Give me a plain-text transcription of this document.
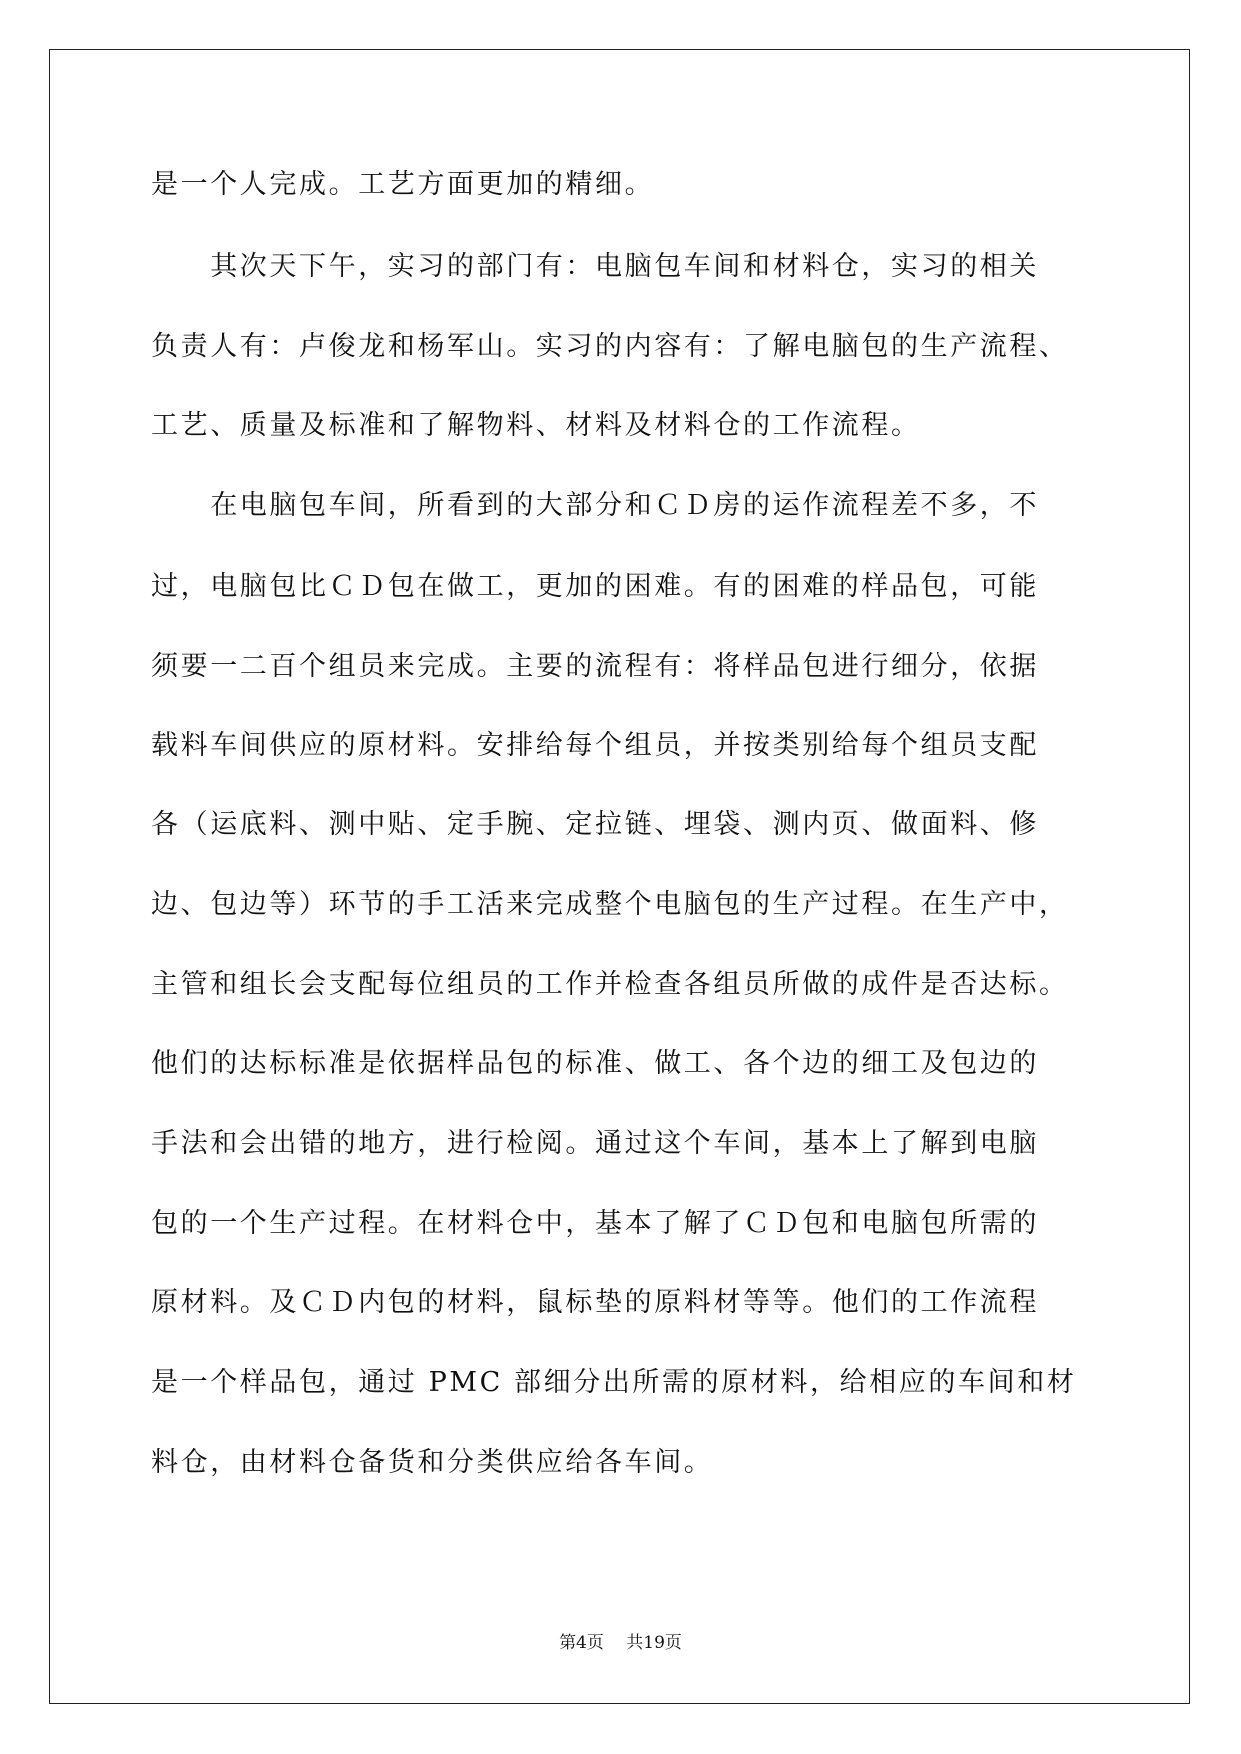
是一个人完成。工艺方面更加的精细。
　　其次天下午，实习的部门有：电脑包车间和材料仓，实习的相关
负责人有：卢俊龙和杨军山。实习的内容有：了解电脑包的生产流程、
工艺、质量及标准和了解物料、材料及材料仓的工作流程。
　　在电脑包车间，所看到的大部分和ＣＤ房的运作流程差不多，不
过，电脑包比ＣＤ包在做工，更加的困难。有的困难的样品包，可能
须要一二百个组员来完成。主要的流程有：将样品包进行细分，依据
载料车间供应的原材料。安排给每个组员，并按类别给每个组员支配
各（运底料、测中贴、定手腕、定拉链、埋袋、测内页、做面料、修
边、包边等）环节的手工活来完成整个电脑包的生产过程。在生产中，
主管和组长会支配每位组员的工作并检查各组员所做的成件是否达标。
他们的达标标准是依据样品包的标准、做工、各个边的细工及包边的
手法和会出错的地方，进行检阅。通过这个车间，基本上了解到电脑
包的一个生产过程。在材料仓中，基本了解了ＣＤ包和电脑包所需的
原材料。及ＣＤ内包的材料，鼠标垫的原料材等等。他们的工作流程
是一个样品包，通过 PMC 部细分出所需的原材料，给相应的车间和材
料仓，由材料仓备货和分类供应给各车间。
第4页　 共19页
